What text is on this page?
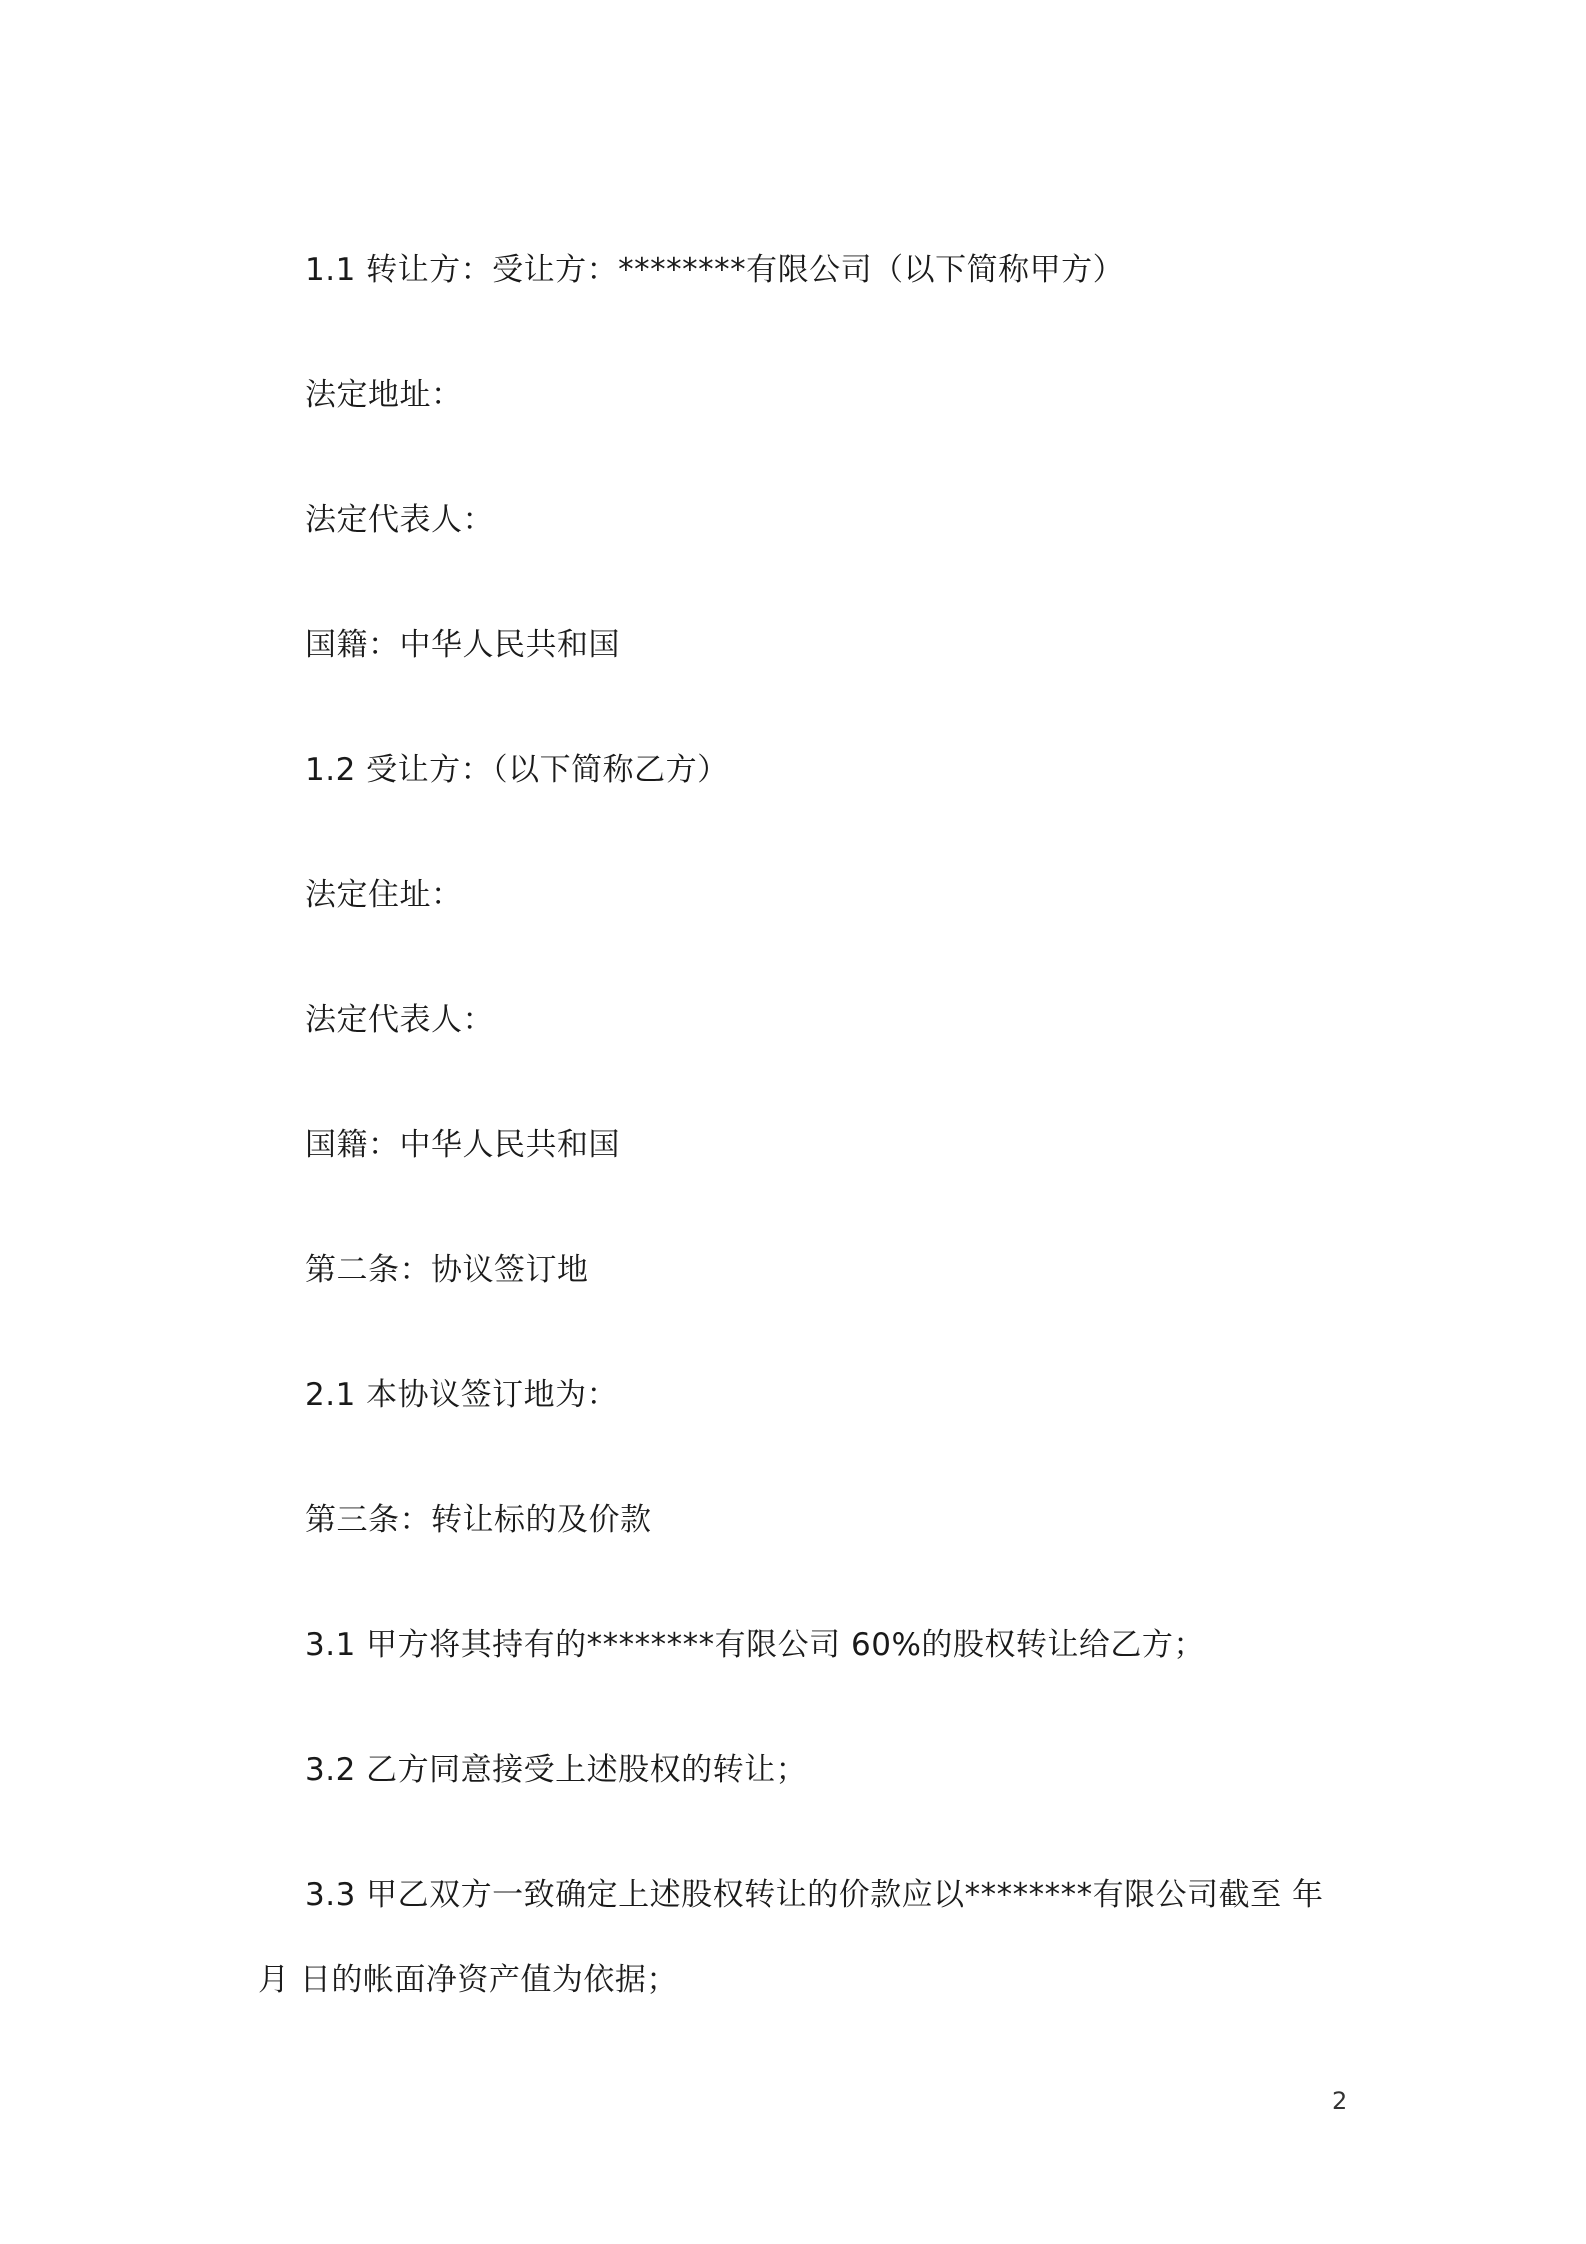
1.1 转让方：受让方：********有限公司（以下简称甲方）
法定地址：
法定代表人：
国籍：中华人民共和国
1.2 受让方：（以下简称乙方）
法定住址：
法定代表人：
国籍：中华人民共和国
第二条：协议签订地
2.1 本协议签订地为：
第三条：转让标的及价款
3.1 甲方将其持有的********有限公司 60%的股权转让给乙方；
3.2 乙方同意接受上述股权的转让；
3.3 甲乙双方一致确定上述股权转让的价款应以********有限公司截至 年
月 日的帐面净资产值为依据；
2
